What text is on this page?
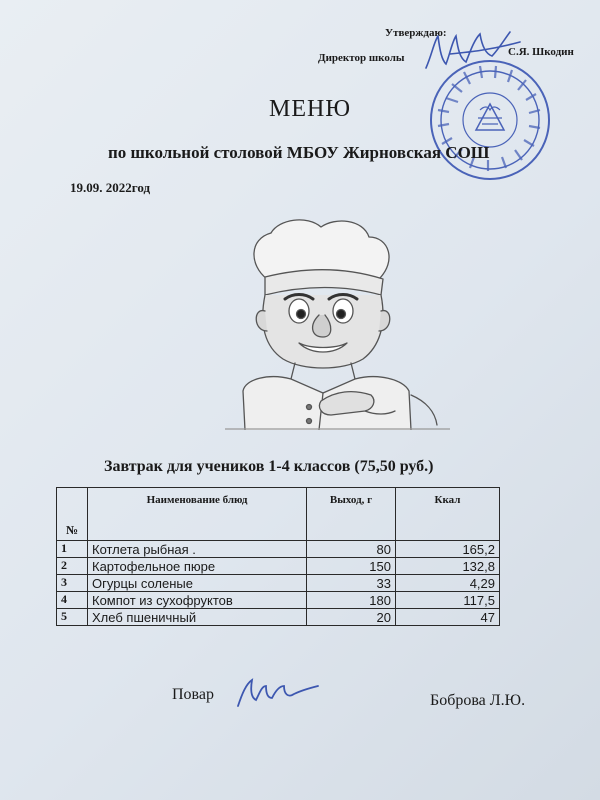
Утверждаю:
Директор школы	С.Я. Шкодин
МЕНЮ
по школьной столовой МБОУ Жирновская СОШ
19.09. 2022год
Завтрак для учеников 1-4 классов (75,50 руб.)
№	Наименование блюд	Выход, г	Ккал
1	Котлета рыбная .	80	165,2
2	Картофельное пюре	150	132,8
3	Огурцы соленые	33	4,29
4	Компот из сухофруктов	180	117,5
5	Хлеб пшеничный	20	47
Повар	Боброва Л.Ю.
